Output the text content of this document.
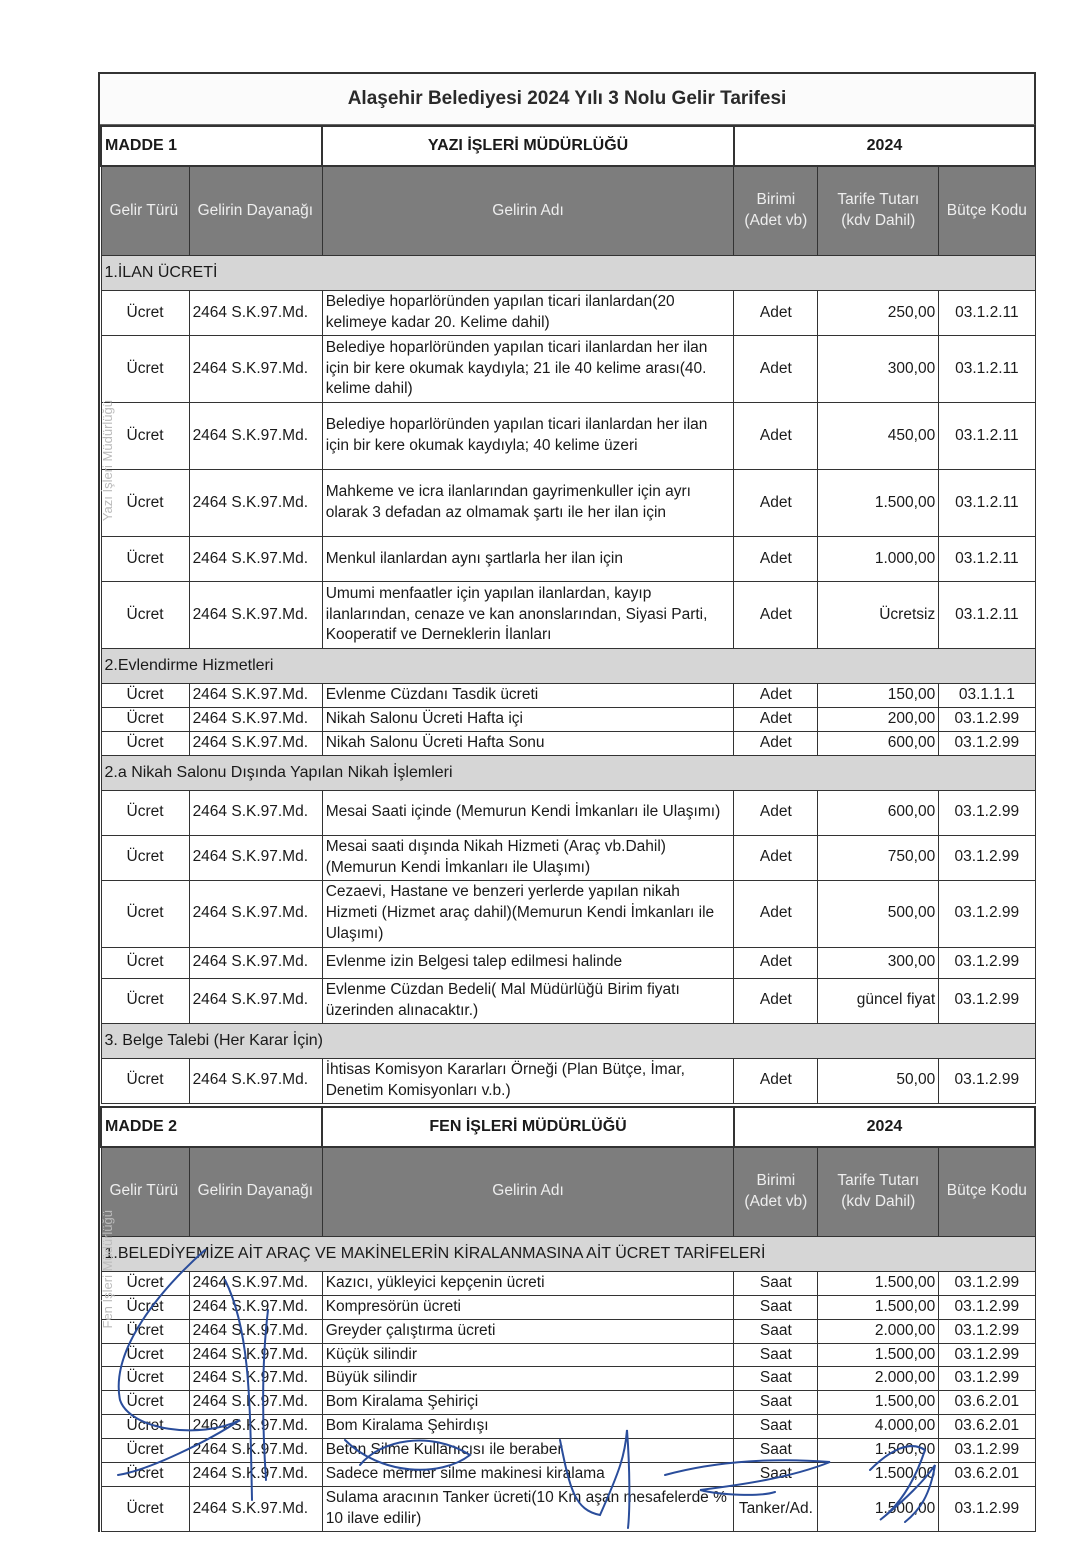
Alaşehir Belediyesi 2024 Yılı 3 Nolu Gelir Tarifesi
MADDE 1		YAZI İŞLERİ MÜDÜRLÜĞÜ	2024		
Gelir Türü	Gelirin Dayanağı	Gelirin Adı	Birimi (Adet vb)	Tarife Tutarı (kdv Dahil)	Bütçe Kodu
1.İLAN ÜCRETİ					
Ücret	2464 S.K.97.Md.	Belediye hoparlöründen yapılan ticari ilanlardan(20 kelimeye kadar 20. Kelime dahil)	Adet	250,00	03.1.2.11
Ücret	2464 S.K.97.Md.	Belediye hoparlöründen yapılan ticari ilanlardan her ilan için bir kere okumak kaydıyla; 21 ile 40 kelime arası(40. kelime dahil)	Adet	300,00	03.1.2.11
Ücret	2464 S.K.97.Md.	Belediye hoparlöründen yapılan ticari ilanlardan her ilan için bir kere okumak kaydıyla; 40 kelime üzeri	Adet	450,00	03.1.2.11
Ücret	2464 S.K.97.Md.	Mahkeme ve icra ilanlarından gayrimenkuller için ayrı olarak 3 defadan az olmamak şartı ile her ilan için	Adet	1.500,00	03.1.2.11
Ücret	2464 S.K.97.Md.	Menkul ilanlardan aynı şartlarla her ilan için	Adet	1.000,00	03.1.2.11
Ücret	2464 S.K.97.Md.	Umumi menfaatler için yapılan ilanlardan, kayıp ilanlarından, cenaze ve kan anonslarından, Siyasi Parti, Kooperatif ve Derneklerin İlanları	Adet	Ücretsiz	03.1.2.11
2.Evlendirme Hizmetleri					
Ücret	2464 S.K.97.Md.	Evlenme Cüzdanı Tasdik ücreti	Adet	150,00	03.1.1.1
Ücret	2464 S.K.97.Md.	Nikah Salonu Ücreti Hafta içi	Adet	200,00	03.1.2.99
Ücret	2464 S.K.97.Md.	Nikah Salonu Ücreti Hafta Sonu	Adet	600,00	03.1.2.99
2.a Nikah Salonu Dışında Yapılan Nikah İşlemleri					
Ücret	2464 S.K.97.Md.	Mesai Saati içinde (Memurun Kendi İmkanları ile Ulaşımı)	Adet	600,00	03.1.2.99
Ücret	2464 S.K.97.Md.	Mesai saati dışında Nikah Hizmeti (Araç vb.Dahil)(Memurun Kendi İmkanları ile Ulaşımı)	Adet	750,00	03.1.2.99
Ücret	2464 S.K.97.Md.	Cezaevi, Hastane ve benzeri yerlerde yapılan nikah Hizmeti (Hizmet araç dahil)(Memurun Kendi İmkanları ile Ulaşımı)	Adet	500,00	03.1.2.99
Ücret	2464 S.K.97.Md.	Evlenme izin Belgesi talep edilmesi halinde	Adet	300,00	03.1.2.99
Ücret	2464 S.K.97.Md.	Evlenme Cüzdan Bedeli( Mal Müdürlüğü Birim fiyatı üzerinden alınacaktır.)	Adet	güncel fiyat	03.1.2.99
3. Belge Talebi (Her Karar İçin)					
Ücret	2464 S.K.97.Md.	İhtisas Komisyon Kararları Örneği (Plan Bütçe, İmar, Denetim Komisyonları v.b.)	Adet	50,00	03.1.2.99
MADDE 2		FEN İŞLERİ MÜDÜRLÜĞÜ	2024		
Gelir Türü	Gelirin Dayanağı	Gelirin Adı	Birimi (Adet vb)	Tarife Tutarı (kdv Dahil)	Bütçe Kodu
1.BELEDİYEMİZE AİT ARAÇ VE MAKİNELERİN KİRALANMASINA AİT ÜCRET TARİFELERİ					
Ücret	2464 S.K.97.Md.	Kazıcı, yükleyici kepçenin ücreti	Saat	1.500,00	03.1.2.99
Ücret	2464 S.K.97.Md.	Kompresörün ücreti	Saat	1.500,00	03.1.2.99
Ücret	2464 S.K.97.Md.	Greyder çalıştırma ücreti	Saat	2.000,00	03.1.2.99
Ücret	2464 S.K.97.Md.	Küçük silindir	Saat	1.500,00	03.1.2.99
Ücret	2464 S.K.97.Md.	Büyük silindir	Saat	2.000,00	03.1.2.99
Ücret	2464 S.K.97.Md.	Bom Kiralama Şehiriçi	Saat	1.500,00	03.6.2.01
Ücret	2464 S.K.97.Md.	Bom Kiralama Şehirdışı	Saat	4.000,00	03.6.2.01
Ücret	2464 S.K.97.Md.	Beton Silme Kullanıcısı ile beraber	Saat	1.500,00	03.1.2.99
Ücret	2464 S.K.97.Md.	Sadece mermer silme makinesi kiralama	Saat	1.500,00	03.6.2.01
Ücret	2464 S.K.97.Md.	Sulama aracının Tanker ücreti(10 Km aşan mesafelerde % 10 ilave edilir)	Tanker/Ad.	1.500,00	03.1.2.99
Yazı İşleri Müdürlüğü
Fen İşleri Müdürlüğü
